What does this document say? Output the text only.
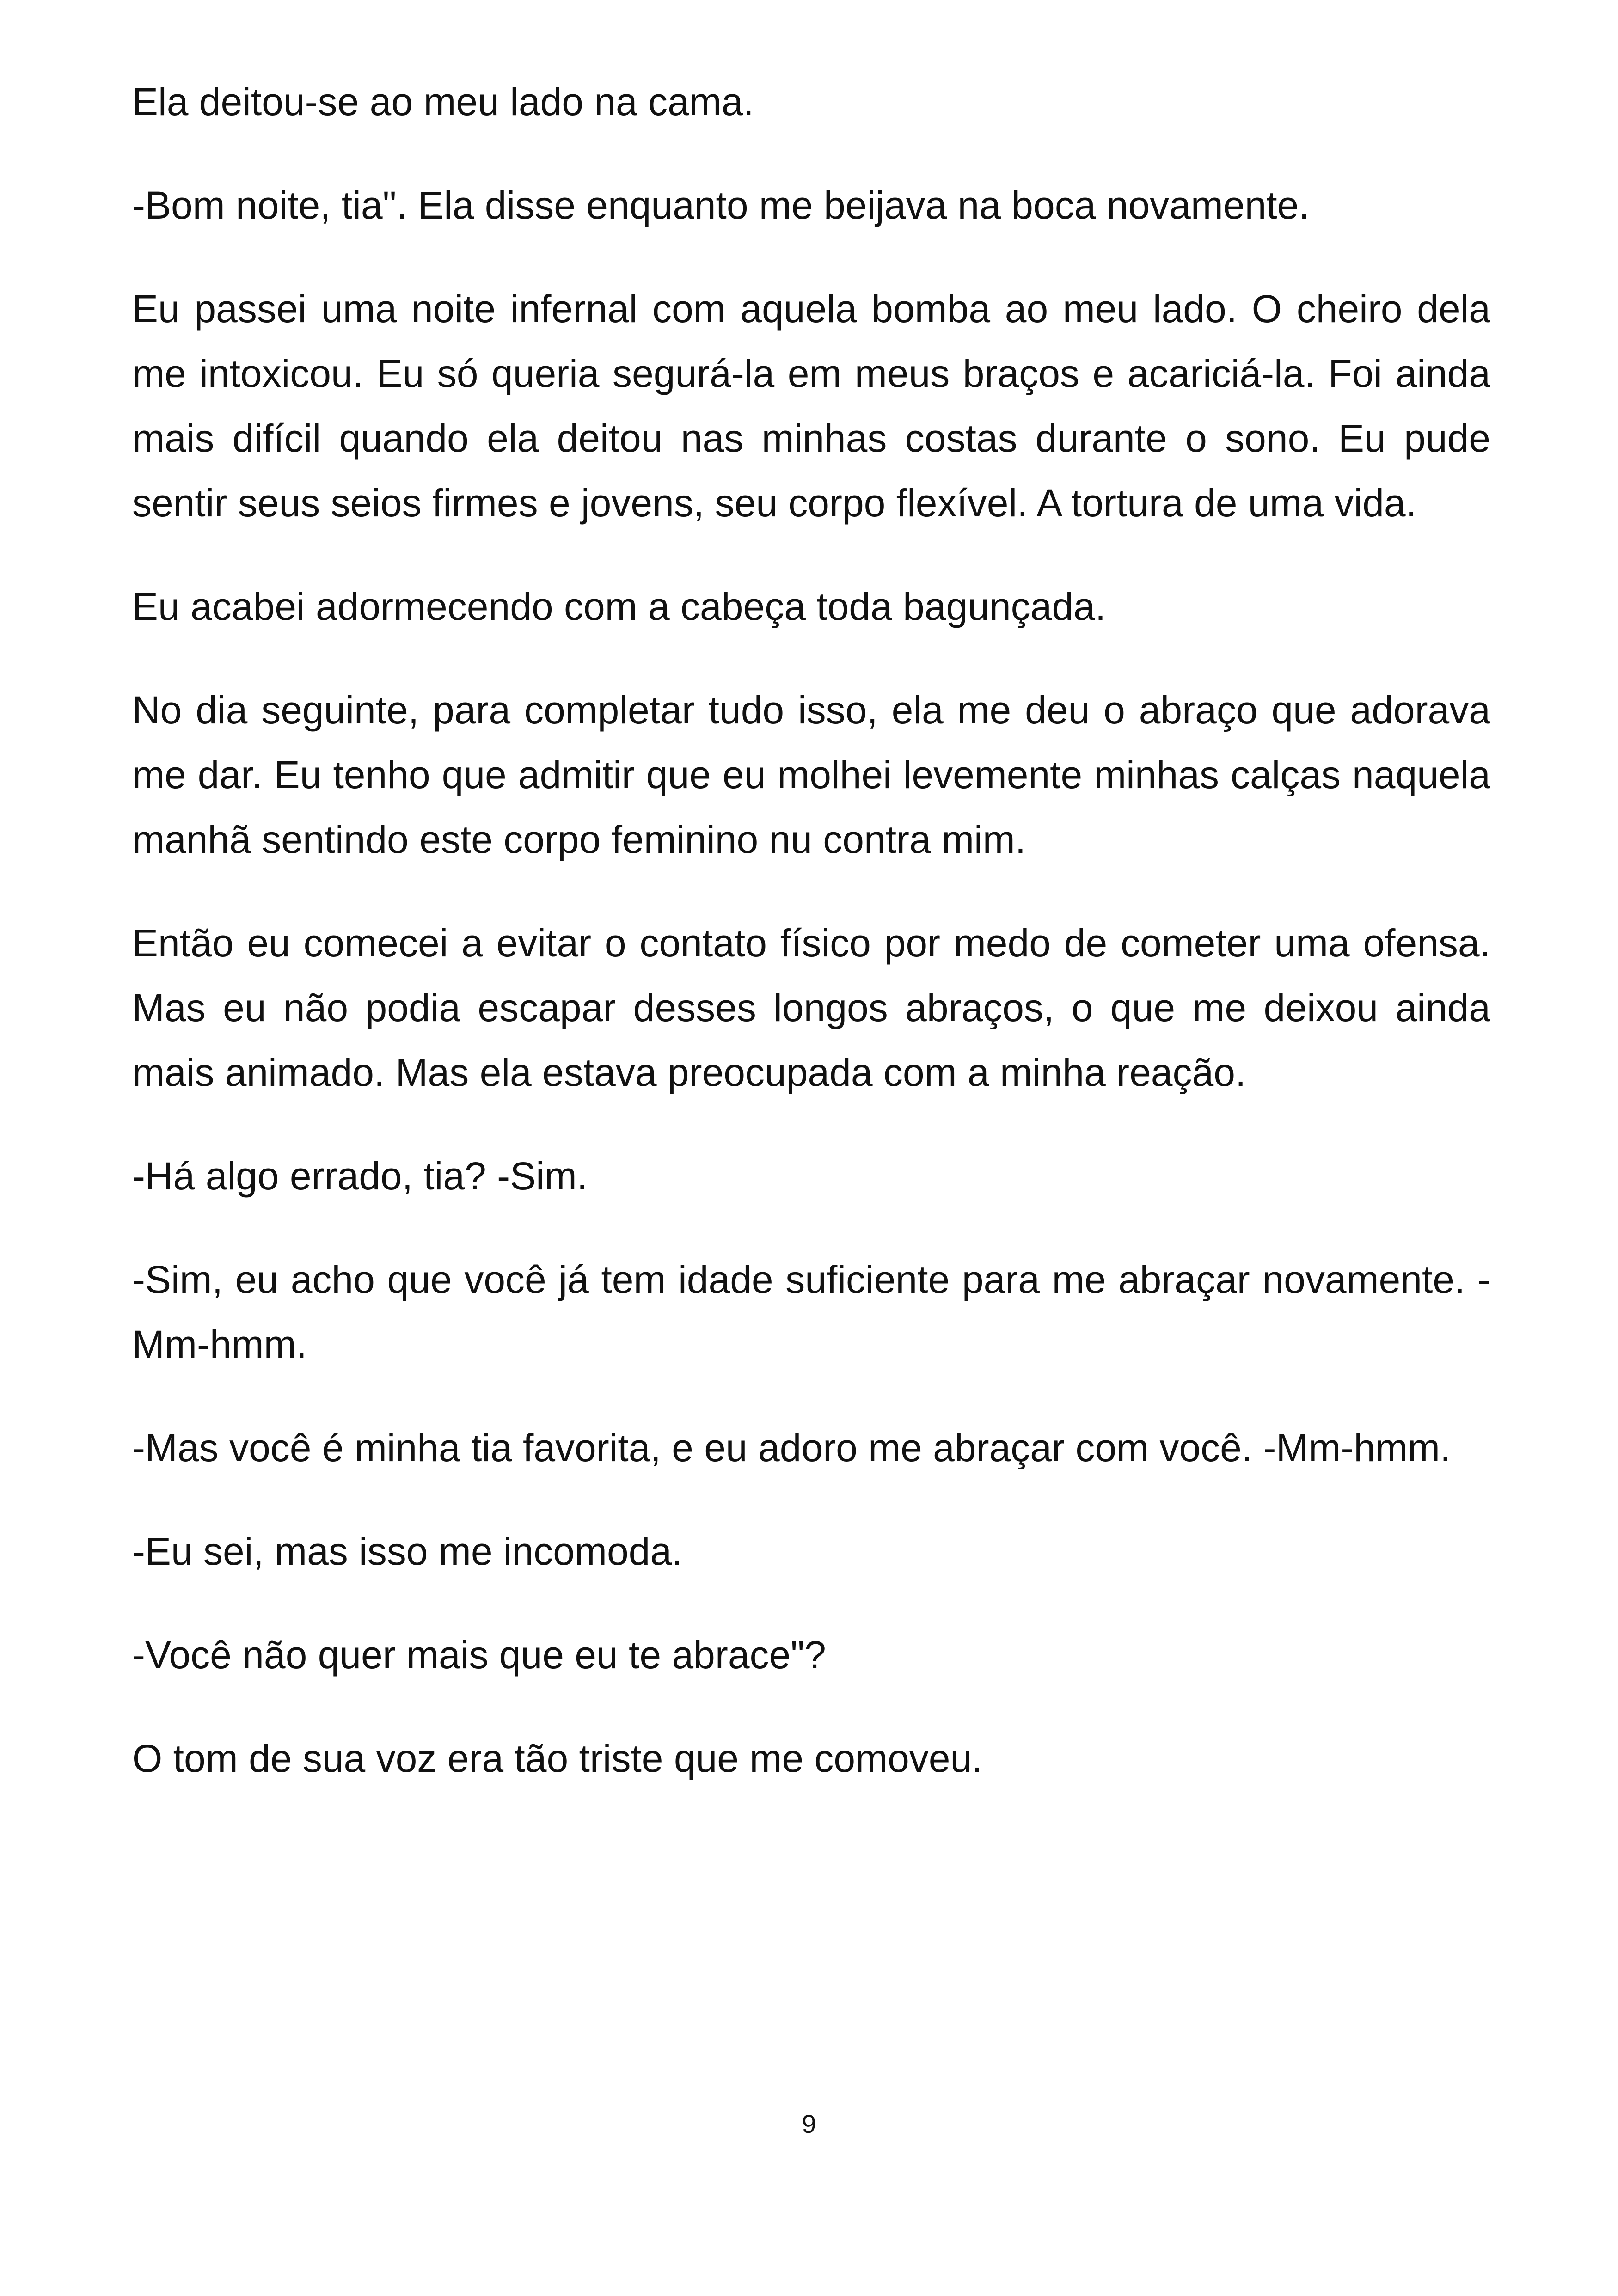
Ela deitou-se ao meu lado na cama.

-Bom noite, tia". Ela disse enquanto me beijava na boca novamente.

Eu passei uma noite infernal com aquela bomba ao meu lado. O cheiro dela me intoxicou. Eu só queria segurá-la em meus braços e acariciá-la. Foi ainda mais difícil quando ela deitou nas minhas costas durante o sono. Eu pude sentir seus seios firmes e jovens, seu corpo flexível. A tortura de uma vida.

Eu acabei adormecendo com a cabeça toda bagunçada.

No dia seguinte, para completar tudo isso, ela me deu o abraço que adorava me dar. Eu tenho que admitir que eu molhei levemente minhas calças naquela manhã sentindo este corpo feminino nu contra mim.

Então eu comecei a evitar o contato físico por medo de cometer uma ofensa. Mas eu não podia escapar desses longos abraços, o que me deixou ainda mais animado. Mas ela estava preocupada com a minha reação.

-Há algo errado, tia? -Sim.

-Sim, eu acho que você já tem idade suficiente para me abraçar novamente. -Mm-hmm.

-Mas você é minha tia favorita, e eu adoro me abraçar com você. -Mm-hmm.

-Eu sei, mas isso me incomoda.

-Você não quer mais que eu te abrace"?

O tom de sua voz era tão triste que me comoveu.

9
